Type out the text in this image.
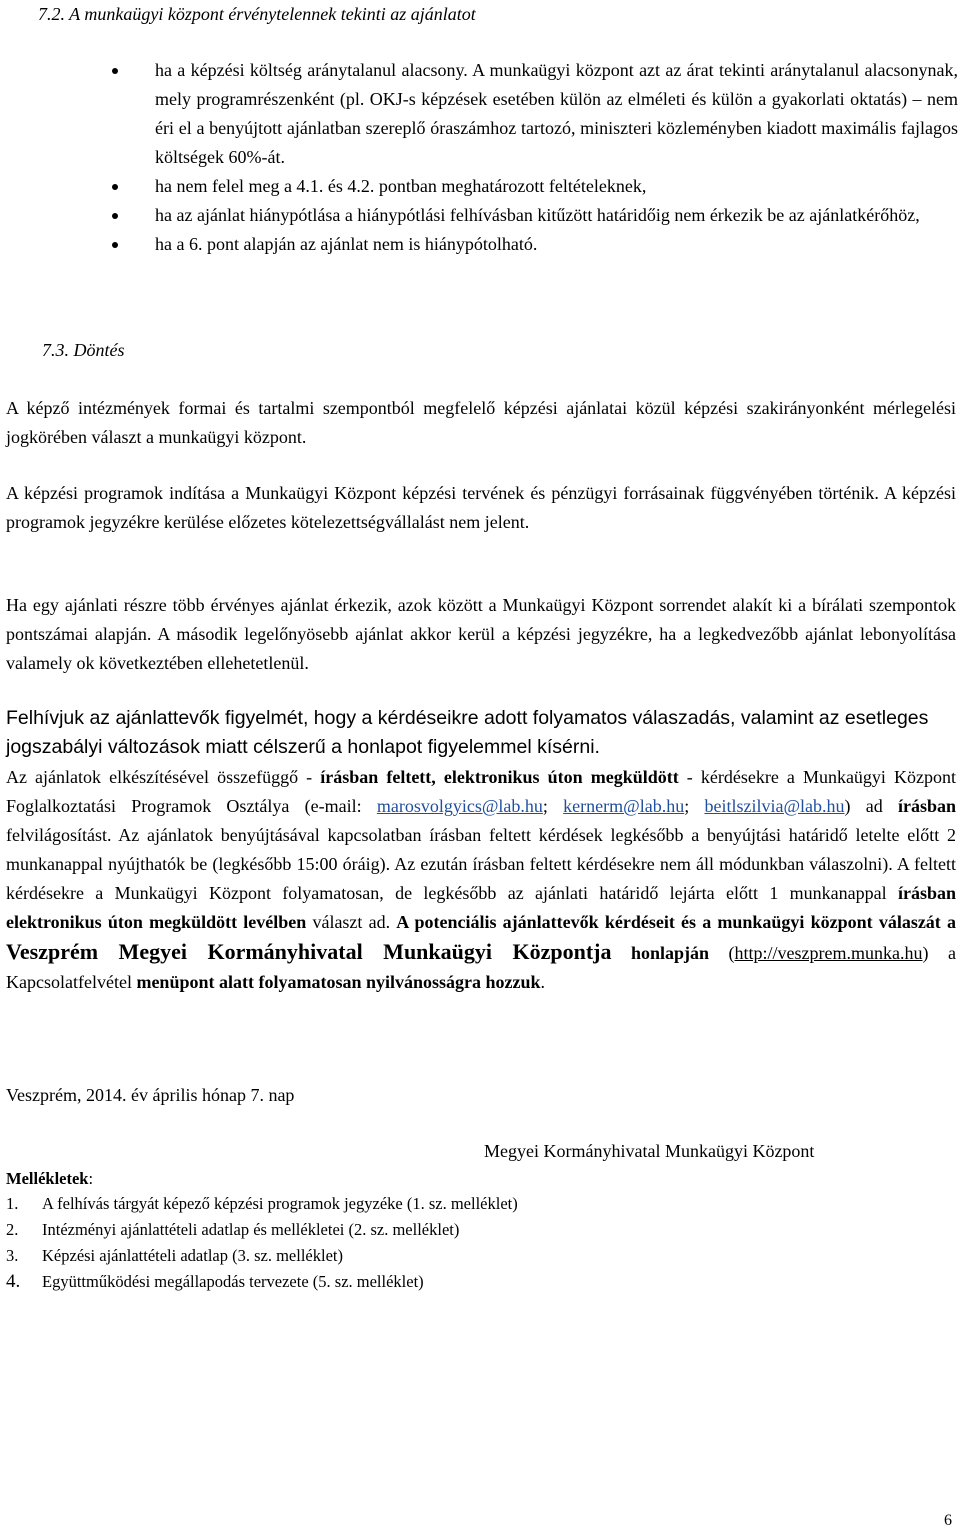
7.2. A munkaügyi központ érvénytelennek tekinti az ajánlatot
ha a képzési költség aránytalanul alacsony. A munkaügyi központ azt az árat tekinti aránytalanul alacsonynak, mely programrészenként (pl. OKJ-s képzések esetében külön az elméleti és külön a gyakorlati oktatás) – nem éri el a benyújtott ajánlatban szereplő óraszámhoz tartozó, miniszteri közleményben kiadott maximális fajlagos költségek 60%-át.
ha nem felel meg a 4.1. és 4.2. pontban meghatározott feltételeknek,
ha az ajánlat hiánypótlása a hiánypótlási felhívásban kitűzött határidőig nem érkezik be az ajánlatkérőhöz,
ha a 6. pont alapján az ajánlat nem is hiánypótolható.
7.3. Döntés
A képző intézmények formai és tartalmi szempontból megfelelő képzési ajánlatai közül képzési szakirányonként mérlegelési jogkörében választ a munkaügyi központ.
A képzési programok indítása a Munkaügyi Központ képzési tervének és pénzügyi forrásainak függvényében történik. A képzési programok jegyzékre kerülése előzetes kötelezettségvállalást nem jelent.
Ha egy ajánlati részre több érvényes ajánlat érkezik, azok között a Munkaügyi Központ sorrendet alakít ki a bírálati szempontok pontszámai alapján. A második legelőnyösebb ajánlat akkor kerül a képzési jegyzékre, ha a legkedvezőbb ajánlat lebonyolítása valamely ok következtében ellehetetlenül.
Felhívjuk az ajánlattevők figyelmét, hogy a kérdéseikre adott folyamatos válaszadás, valamint az esetleges jogszabályi változások miatt célszerű a honlapot figyelemmel kísérni.
Az ajánlatok elkészítésével összefüggő - írásban feltett, elektronikus úton megküldött - kérdésekre a Munkaügyi Központ Foglalkoztatási Programok Osztálya (e-mail: marosvolgyics@lab.hu; kernerm@lab.hu; beitlszilvia@lab.hu) ad írásban felvilágosítást. Az ajánlatok benyújtásával kapcsolatban írásban feltett kérdések legkésőbb a benyújtási határidő letelte előtt 2 munkanappal nyújthatók be (legkésőbb 15:00 óráig). Az ezután írásban feltett kérdésekre nem áll módunkban válaszolni). A feltett kérdésekre a Munkaügyi Központ folyamatosan, de legkésőbb az ajánlati határidő lejárta előtt 1 munkanappal írásban elektronikus úton megküldött levélben választ ad. A potenciális ajánlattevők kérdéseit és a munkaügyi központ válaszát a Veszprém Megyei Kormányhivatal Munkaügyi Központja honlapján (http://veszprem.munka.hu) a Kapcsolatfelvétel menüpont alatt folyamatosan nyilvánosságra hozzuk.
Veszprém, 2014. év április hónap 7. nap
Megyei Kormányhivatal Munkaügyi Központ
Mellékletek:
1.	A felhívás tárgyát képező képzési programok jegyzéke (1. sz. melléklet)
2.	Intézményi ajánlattételi adatlap és mellékletei (2. sz. melléklet)
3.	Képzési ajánlattételi adatlap (3. sz. melléklet)
4.	Együttműködési megállapodás tervezete (5. sz. melléklet)
6
